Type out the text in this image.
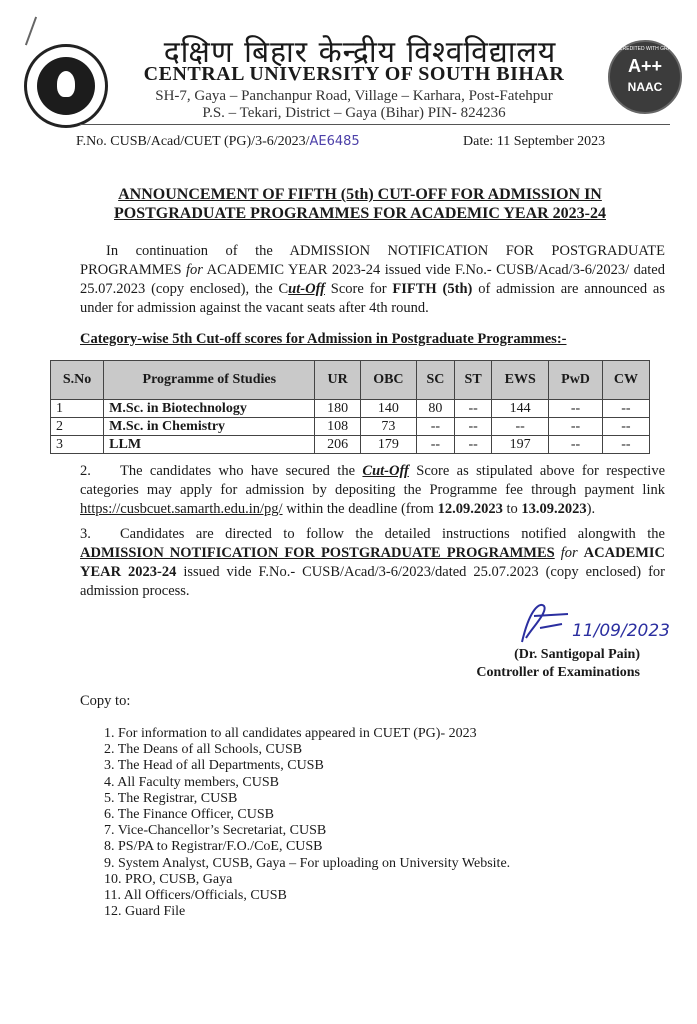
दक्षिण बिहार केन्द्रीय विश्वविद्यालय
CENTRAL UNIVERSITY OF SOUTH BIHAR
SH-7, Gaya – Panchanpur Road, Village – Karhara, Post-Fatehpur
P.S. – Tekari, District – Gaya (Bihar) PIN- 824236
ACCREDITED WITH GRADE
A++
NAAC
F.No. CUSB/Acad/CUET (PG)/3-6/2023/AE6485	Date: 11 September 2023
ANNOUNCEMENT OF FIFTH (5th) CUT-OFF FOR ADMISSION IN
POSTGRADUATE PROGRAMMES FOR ACADEMIC YEAR 2023-24
In continuation of the ADMISSION NOTIFICATION FOR POSTGRADUATE PROGRAMMES for ACADEMIC YEAR 2023-24 issued vide F.No.- CUSB/Acad/3-6/2023/ dated 25.07.2023 (copy enclosed), the Cut-Off Score for FIFTH (5th) of admission are announced as under for admission against the vacant seats after 4th round.
Category-wise 5th Cut-off scores for Admission in Postgraduate Programmes:-
S.No	Programme of Studies	UR	OBC	SC	ST	EWS	PwD	CW
1	M.Sc. in Biotechnology	180	140	80	--	144	--	--
2	M.Sc. in Chemistry	108	73	--	--	--	--	--
3	LLM	206	179	--	--	197	--	--
2. The candidates who have secured the Cut-Off Score as stipulated above for respective categories may apply for admission by depositing the Programme fee through payment link https://cusbcuet.samarth.edu.in/pg/ within the deadline (from 12.09.2023 to 13.09.2023).
3. Candidates are directed to follow the detailed instructions notified alongwith the ADMISSION NOTIFICATION FOR POSTGRADUATE PROGRAMMES for ACADEMIC YEAR 2023-24 issued vide F.No.- CUSB/Acad/3-6/2023/dated 25.07.2023 (copy enclosed) for admission process.
11/09/2023
(Dr. Santigopal Pain)
Controller of Examinations
Copy to:
1. For information to all candidates appeared in CUET (PG)- 2023
2. The Deans of all Schools, CUSB
3. The Head of all Departments, CUSB
4. All Faculty members, CUSB
5. The Registrar, CUSB
6. The Finance Officer, CUSB
7. Vice-Chancellor’s Secretariat, CUSB
8. PS/PA to Registrar/F.O./CoE, CUSB
9. System Analyst, CUSB, Gaya – For uploading on University Website.
10. PRO, CUSB, Gaya
11. All Officers/Officials, CUSB
12. Guard File
